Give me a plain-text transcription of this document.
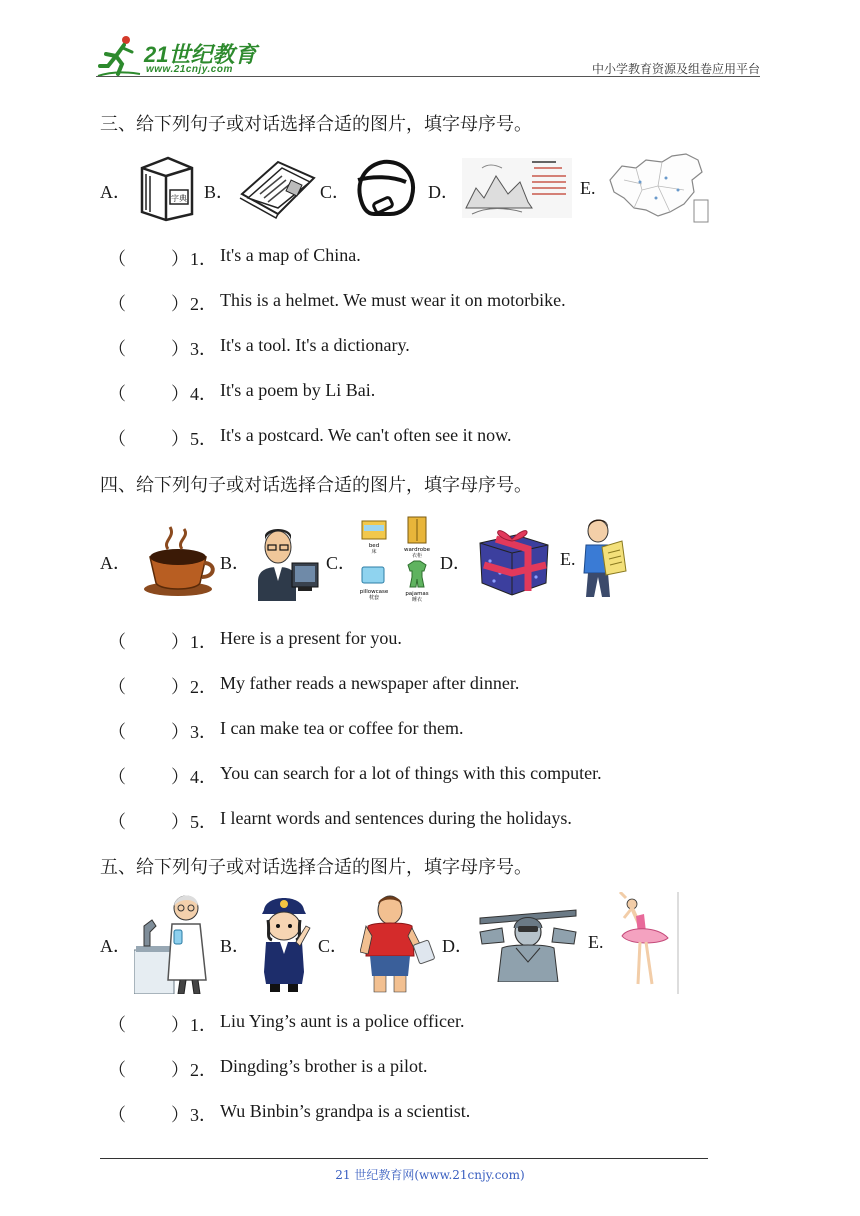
21世纪教育
www.21cnjy.com	中小学教育资源及组卷应用平台
三、给下列句子或对话选择合适的图片，填字母序号。
A．	字典 B．	C．	D．	E.
（	） 1． It's a map of China.
（	） 2． This is a helmet. We must wear it on motorbike.
（	） 3． It's a tool. It's a dictionary.
（	） 4． It's a poem by Li Bai.
（	） 5． It's a postcard. We can't often see it now.
四、给下列句子或对话选择合适的图片，填字母序号。
A．	B．	C．
bed
床	wardrobe
衣柜
pillowcase
枕套
pajamas
睡衣
D．	E.
（	） 1． Here is a present for you.
（	） 2． My father reads a newspaper after dinner.
（	） 3． I can make tea or coffee for them.
（	） 4． You can search for a lot of things with this computer.
（	） 5． I learnt words and sentences during the holidays.
五、给下列句子或对话选择合适的图片，填字母序号。
A．	B．	C．	D．	E.
（	） 1． Liu Ying’s aunt is a police officer.
（	） 2． Dingding’s brother is a pilot.
（	） 3． Wu Binbin’s grandpa is a scientist.
21 世纪教育网(www.21cnjy.com)
